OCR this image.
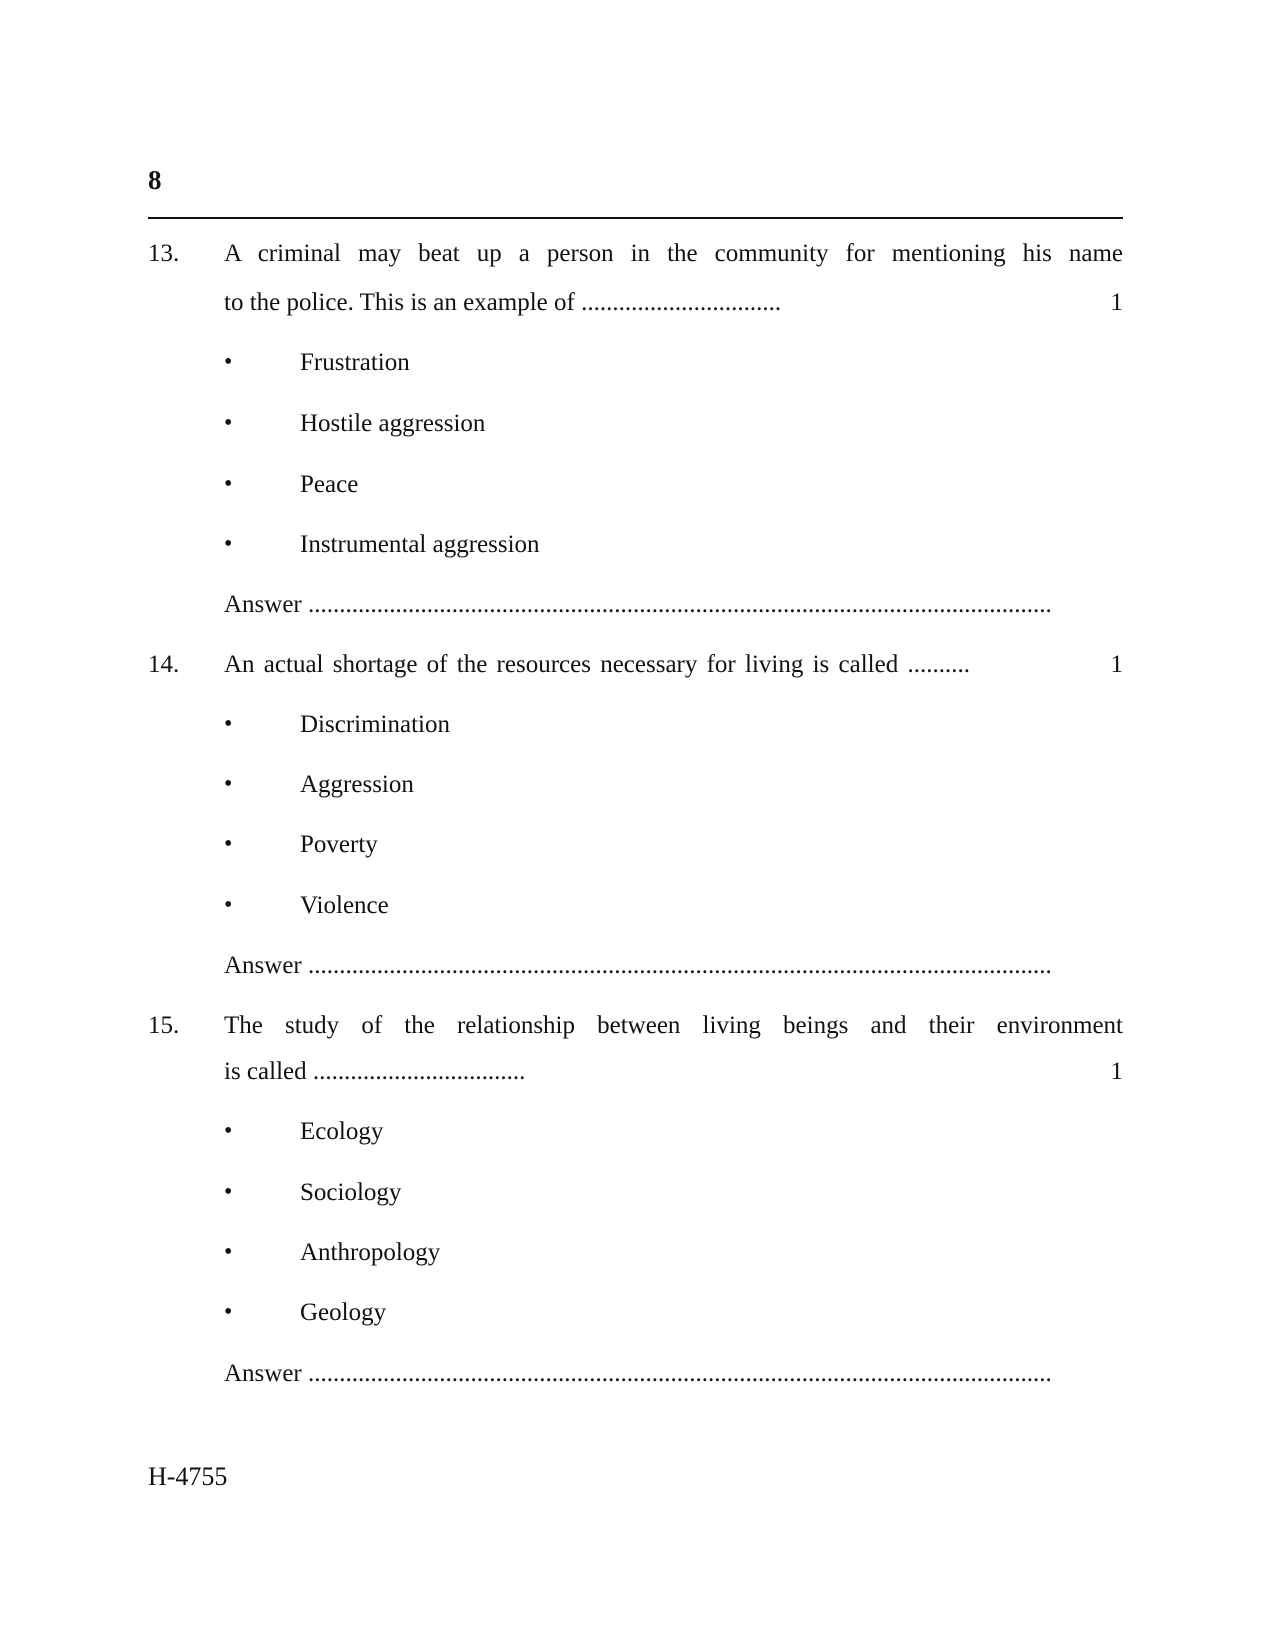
8
13. A criminal may beat up a person in the community for mentioning his name
to the police. This is an example of ................................	1
•	Frustration
•	Hostile aggression
•	Peace
•	Instrumental aggression
Answer .......................................................................................................................
14. An actual shortage of the resources necessary for living is called ..........	1
•	Discrimination
•	Aggression
•	Poverty
•	Violence
Answer .......................................................................................................................
15. The study of the relationship between living beings and their environment
is called ..................................	1
•	Ecology
•	Sociology
•	Anthropology
•	Geology
Answer .......................................................................................................................
H-4755
